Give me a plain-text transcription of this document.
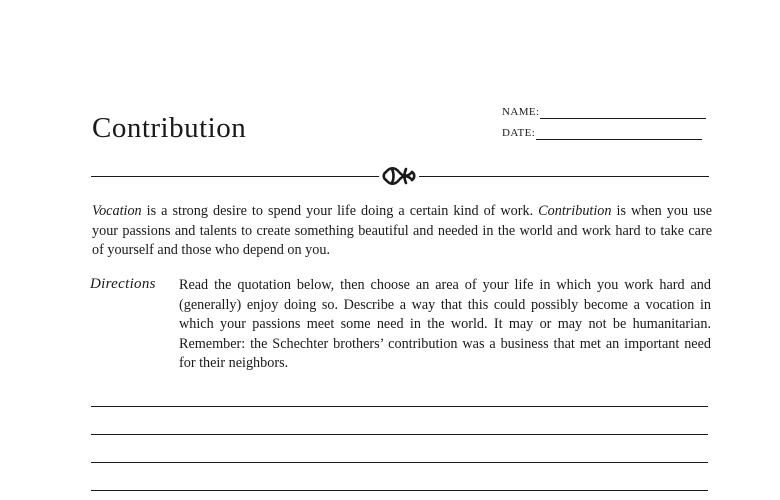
Contribution	NAME:
DATE:

Vocation is a strong desire to spend your life doing a certain kind of work. Contribution is when you use your passions and talents to create something beautiful and needed in the world and work hard to take care of yourself and those who depend on you.

Directions Read the quotation below, then choose an area of your life in which you work hard and (generally) enjoy doing so. Describe a way that this could possibly become a vocation in which your passions meet some need in the world. It may or may not be humanitarian. Remember: the Schechter brothers’ contribution was a business that met an important need for their neighbors.
